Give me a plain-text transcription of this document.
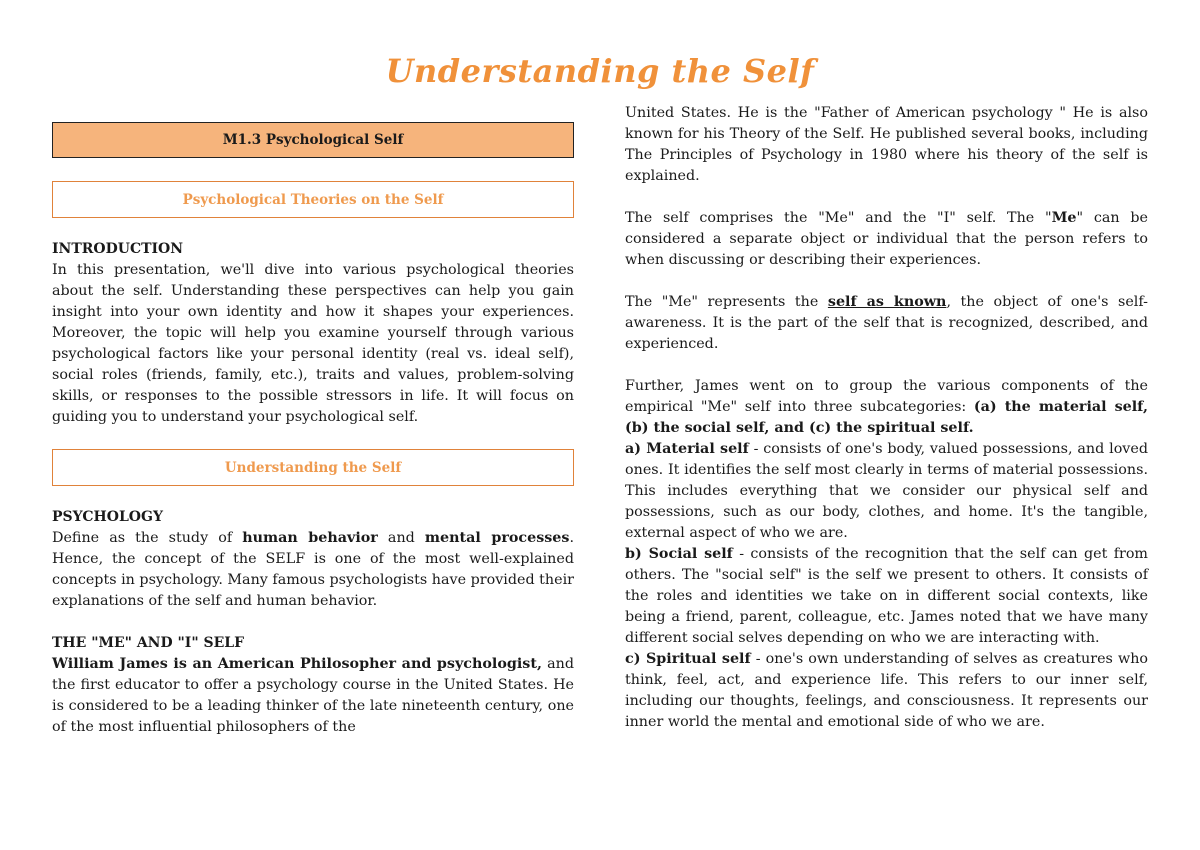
Understanding the Self
M1.3 Psychological Self
Psychological Theories on the Self

INTRODUCTION

In this presentation, we'll dive into various psychological theories about the self. Understanding these perspectives can help you gain insight into your own identity and how it shapes your experiences. Moreover, the topic will help you examine yourself through various psychological factors like your personal identity (real vs. ideal self), social roles (friends, family, etc.), traits and values, problem-solving skills, or responses to the possible stressors in life. It will focus on guiding you to understand your psychological self.

Understanding the Self

PSYCHOLOGY

Define as the study of human behavior and mental processes. Hence, the concept of the SELF is one of the most well-explained concepts in psychology. Many famous psychologists have provided their explanations of the self and human behavior.

THE "ME" AND "I" SELF

William James is an American Philosopher and psychologist, and the first educator to offer a psychology course in the United States. He is considered to be a leading thinker of the late nineteenth century, one of the most influential philosophers of the

United States. He is the "Father of American psychology " He is also known for his Theory of the Self. He published several books, including The Principles of Psychology in 1980 where his theory of the self is explained.

The self comprises the "Me" and the "I" self. The "Me" can be considered a separate object or individual that the person refers to when discussing or describing their experiences.

The "Me" represents the self as known, the object of one's self-awareness. It is the part of the self that is recognized, described, and experienced.

Further, James went on to group the various components of the empirical "Me" self into three subcategories: (a) the material self, (b) the social self, and (c) the spiritual self.

a) Material self - consists of one's body, valued possessions, and loved ones. It identifies the self most clearly in terms of material possessions. This includes everything that we consider our physical self and possessions, such as our body, clothes, and home. It's the tangible, external aspect of who we are.

b) Social self - consists of the recognition that the self can get from others. The "social self" is the self we present to others. It consists of the roles and identities we take on in different social contexts, like being a friend, parent, colleague, etc. James noted that we have many different social selves depending on who we are interacting with.

c) Spiritual self - one's own understanding of selves as creatures who think, feel, act, and experience life. This refers to our inner self, including our thoughts, feelings, and consciousness. It represents our inner world the mental and emotional side of who we are.
